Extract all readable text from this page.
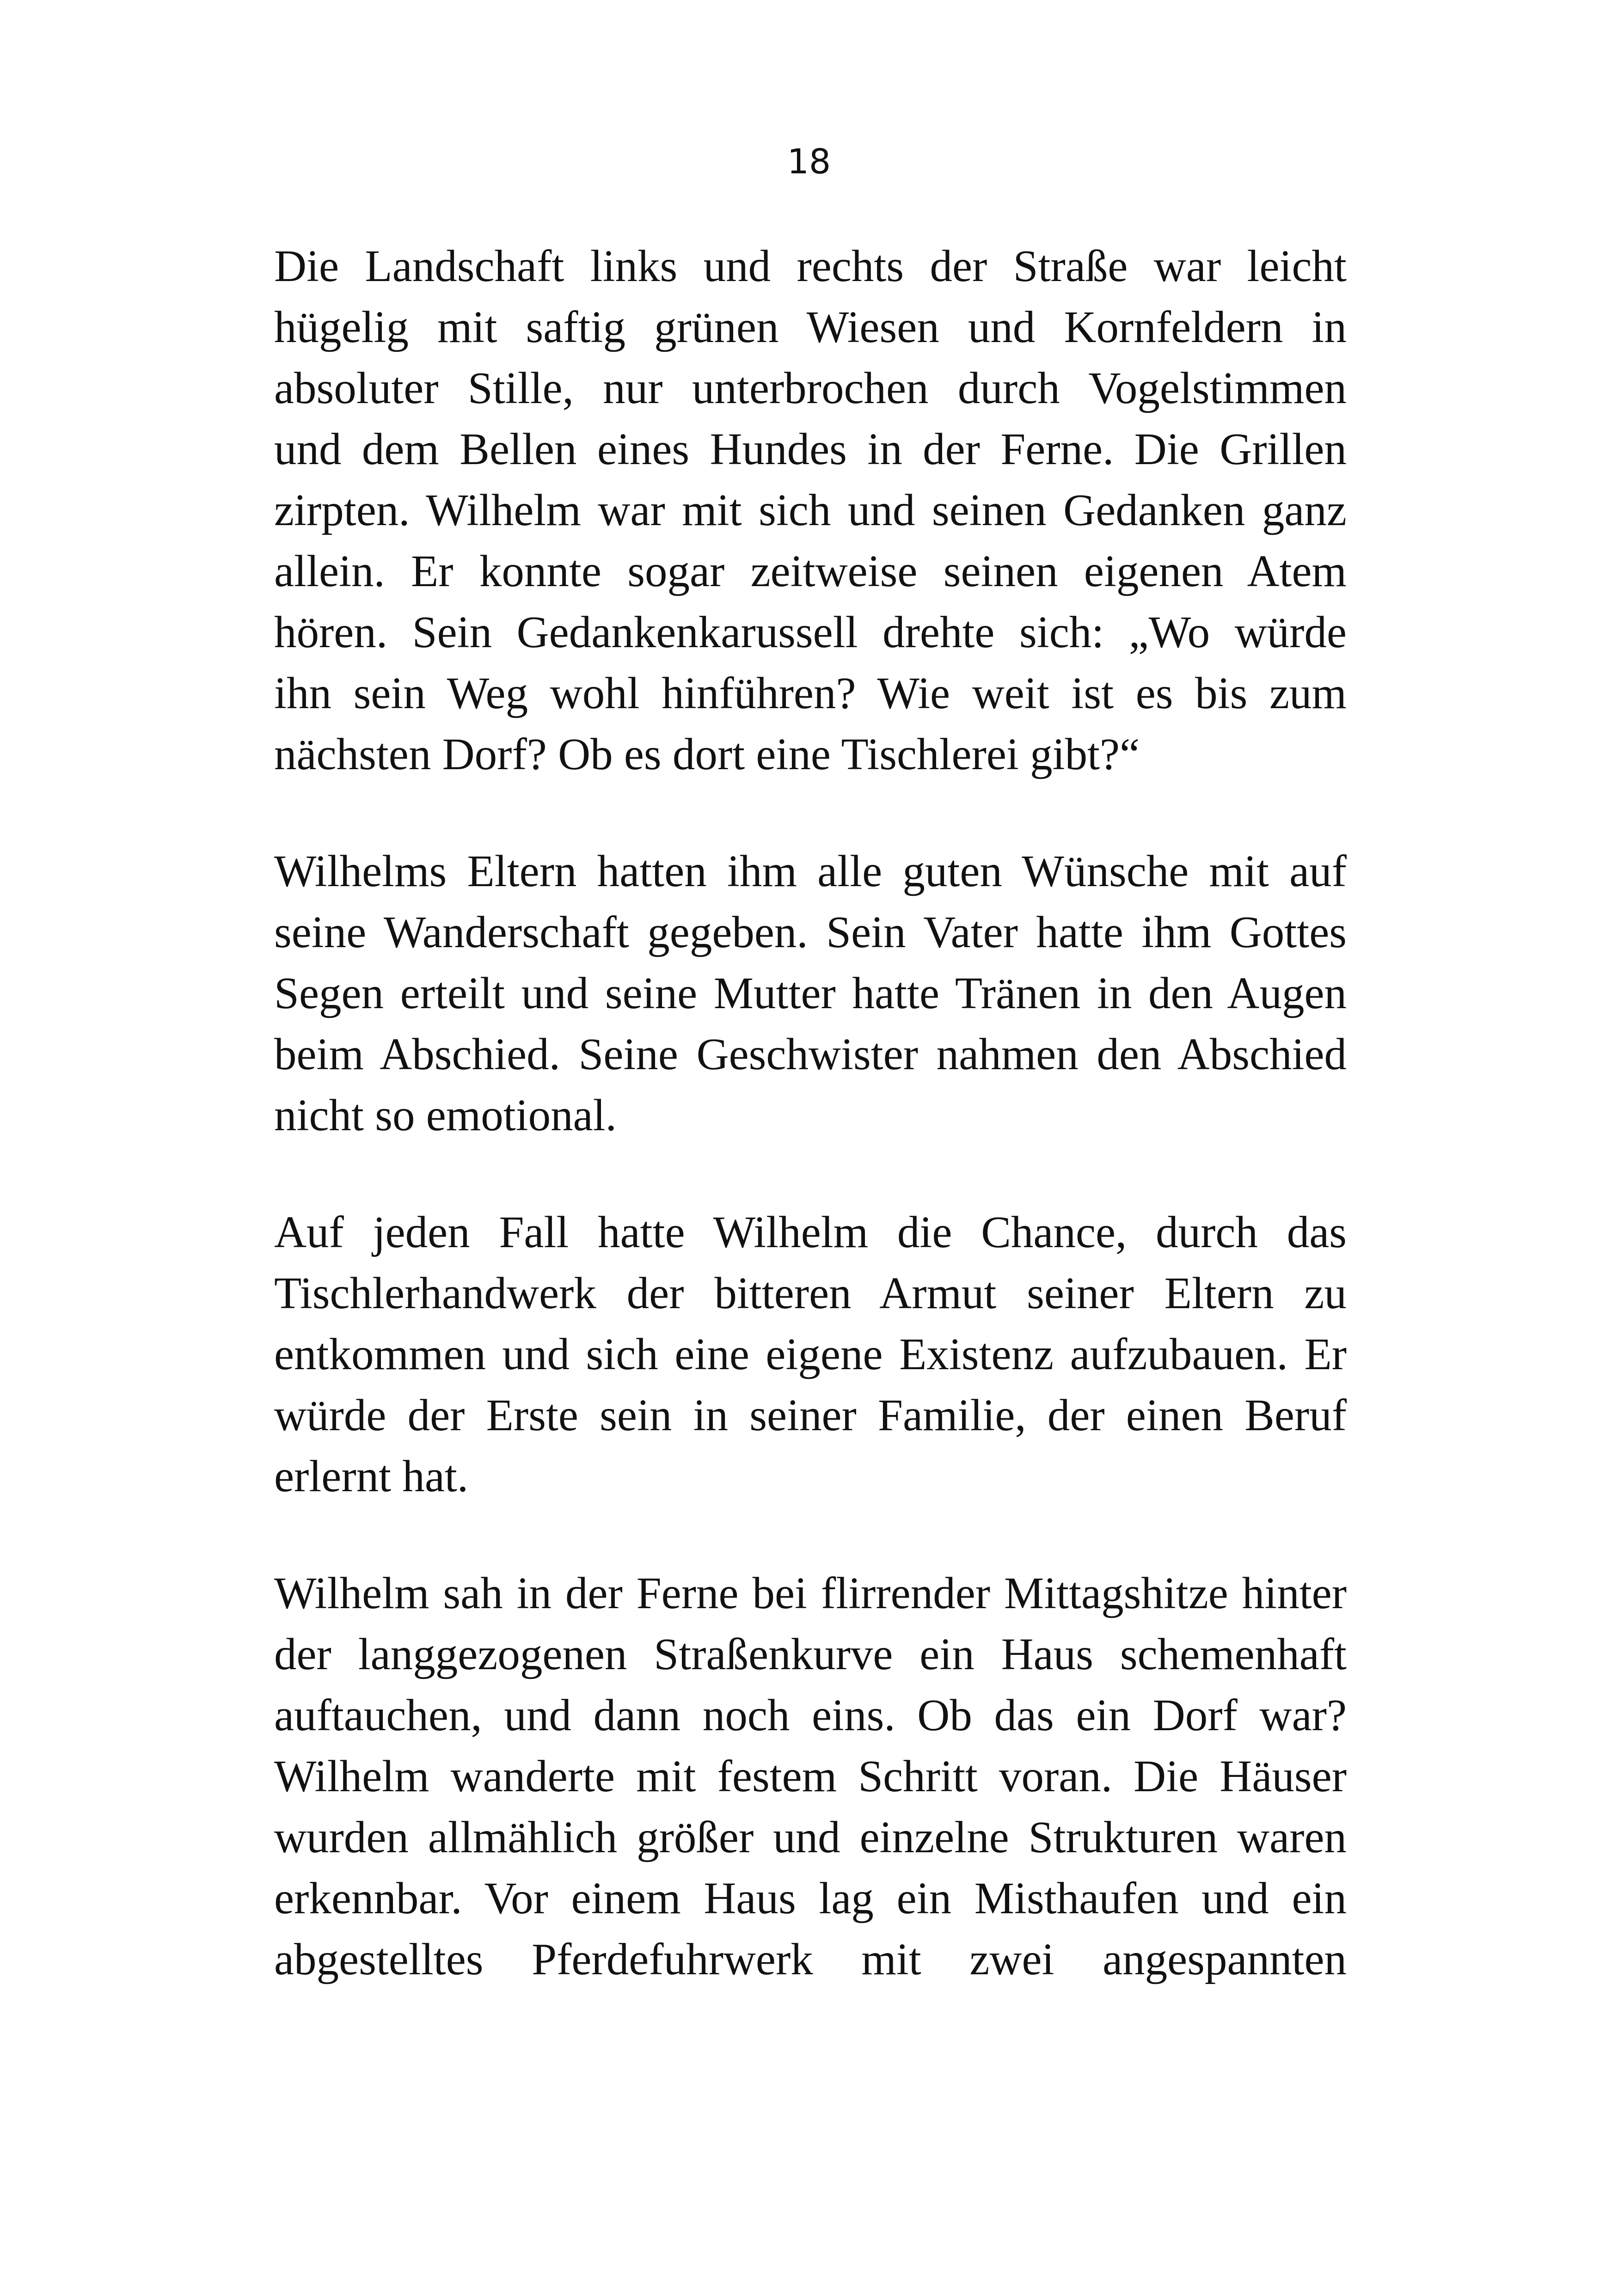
18

Die Landschaft links und rechts der Straße war leicht
hügelig mit saftig grünen Wiesen und Kornfeldern in
absoluter Stille, nur unterbrochen durch Vogelstimmen
und dem Bellen eines Hundes in der Ferne. Die Grillen
zirpten. Wilhelm war mit sich und seinen Gedanken ganz
allein. Er konnte sogar zeitweise seinen eigenen Atem
hören. Sein Gedankenkarussell drehte sich: „Wo würde
ihn sein Weg wohl hinführen? Wie weit ist es bis zum
nächsten Dorf? Ob es dort eine Tischlerei gibt?“

Wilhelms Eltern hatten ihm alle guten Wünsche mit auf
seine Wanderschaft gegeben. Sein Vater hatte ihm Gottes
Segen erteilt und seine Mutter hatte Tränen in den Augen
beim Abschied. Seine Geschwister nahmen den Abschied
nicht so emotional.

Auf jeden Fall hatte Wilhelm die Chance, durch das
Tischlerhandwerk der bitteren Armut seiner Eltern zu
entkommen und sich eine eigene Existenz aufzubauen. Er
würde der Erste sein in seiner Familie, der einen Beruf
erlernt hat.

Wilhelm sah in der Ferne bei flirrender Mittagshitze hinter
der langgezogenen Straßenkurve ein Haus schemenhaft
auftauchen, und dann noch eins. Ob das ein Dorf war?
Wilhelm wanderte mit festem Schritt voran. Die Häuser
wurden allmählich größer und einzelne Strukturen waren
erkennbar. Vor einem Haus lag ein Misthaufen und ein
abgestelltes Pferdefuhrwerk mit zwei angespannten
